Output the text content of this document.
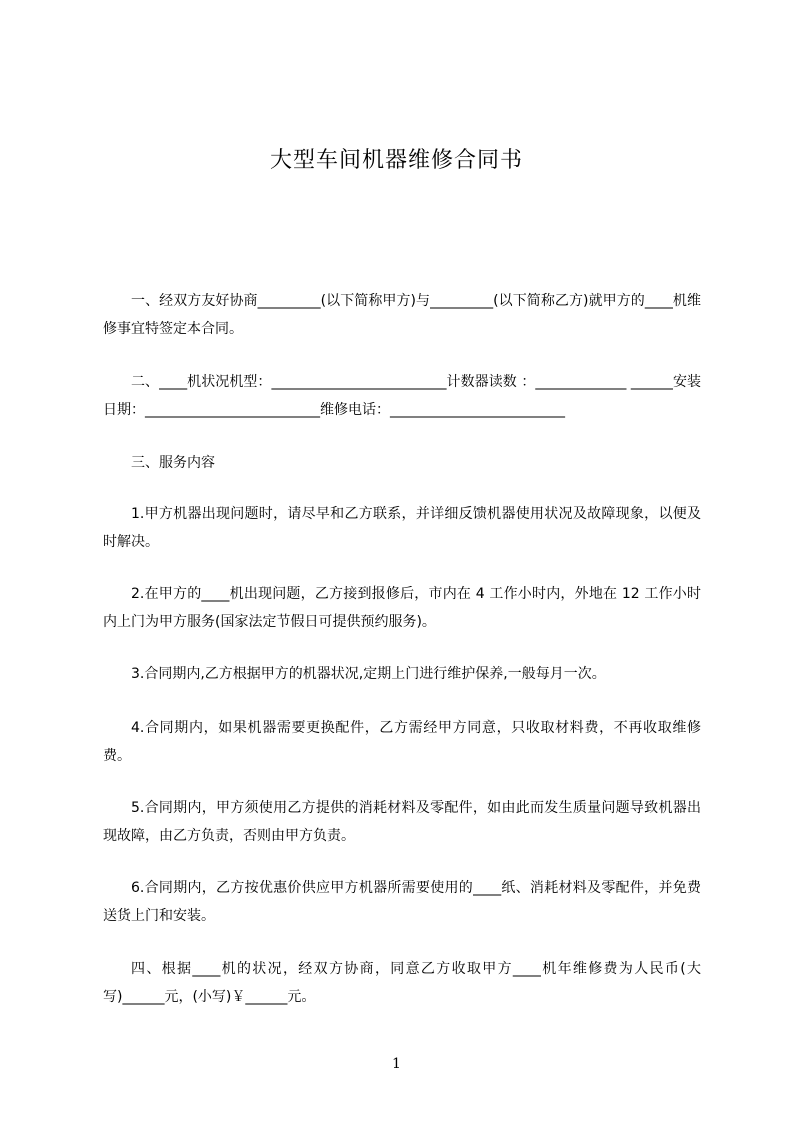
大型车间机器维修合同书
一、经双方友好协商_________(以下简称甲方)与_________(以下简称乙方)就甲方的____机维修事宜特签定本合同。
二、____机状况机型：_________________________计数器读数 ：_____________ ______安装日期：_________________________维修电话：_________________________
三、服务内容
1.甲方机器出现问题时，请尽早和乙方联系，并详细反馈机器使用状况及故障现象，以便及时解决。
2.在甲方的____机出现问题，乙方接到报修后，市内在 4 工作小时内，外地在 12 工作小时内上门为甲方服务(国家法定节假日可提供预约服务)。
3.合同期内,乙方根据甲方的机器状况,定期上门进行维护保养,一般每月一次。
4.合同期内，如果机器需要更换配件，乙方需经甲方同意，只收取材料费，不再收取维修费。
5.合同期内，甲方须使用乙方提供的消耗材料及零配件，如由此而发生质量问题导致机器出现故障，由乙方负责，否则由甲方负责。
6.合同期内，乙方按优惠价供应甲方机器所需要使用的____纸、消耗材料及零配件，并免费送货上门和安装。
四、根据____机的状况，经双方协商，同意乙方收取甲方____机年维修费为人民币(大写)______元，(小写)￥______元。
1
